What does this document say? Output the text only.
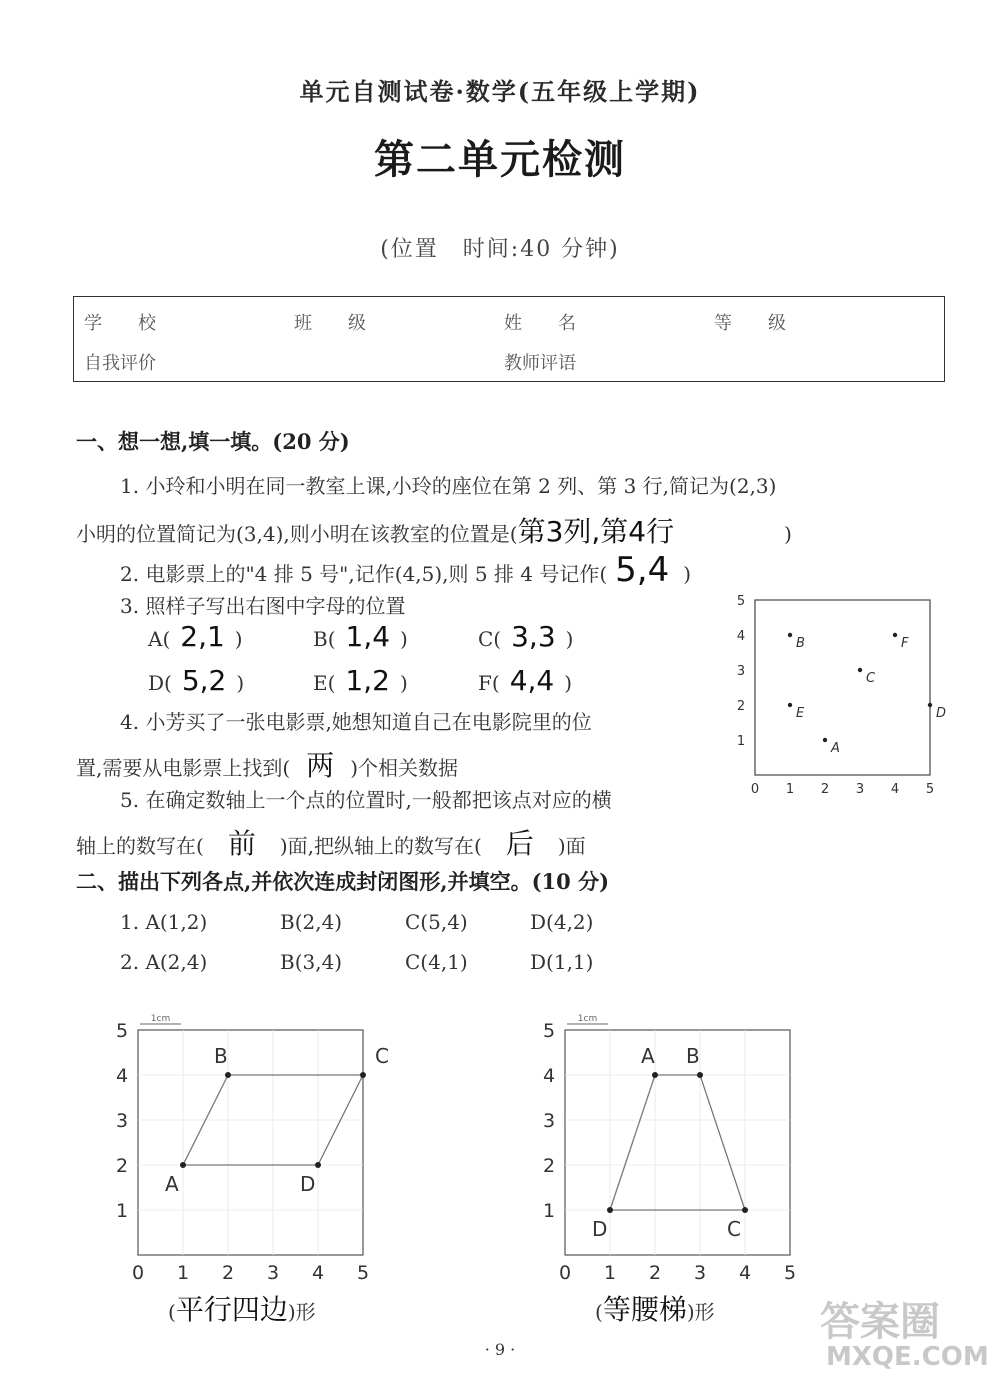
单元自测试卷·数学(五年级上学期)
第二单元检测
(位置　时间:40 分钟)
学　　校	班　　级	姓　　名	等　　级
自我评价	教师评语
一、想一想,填一填。(20 分)
1. 小玲和小明在同一教室上课,小玲的座位在第 2 列、第 3 行,简记为(2,3)
小明的位置简记为(3,4),则小明在该教室的位置是(第3列,第4行	)
2. 电影票上的"4 排 5 号",记作(4,5),则 5 排 4 号记作( 5,4 )
3. 照样子写出右图中字母的位置
A( 2,1 )	B( 1,4 )	C( 3,3 )
D( 5,2 )	E( 1,2 )	F( 4,4 )
4. 小芳买了一张电影票,她想知道自己在电影院里的位
置,需要从电影票上找到( 两 )个相关数据
5. 在确定数轴上一个点的位置时,一般都把该点对应的横
轴上的数写在( 前 )面,把纵轴上的数写在( 后 )面
1
2
3
4
5
0 1 2 3 4 5
A
B
C
D
E
F
二、描出下列各点,并依次连成封闭图形,并填空。(10 分)
1. A(1,2)	B(2,4)	C(5,4)	D(4,2)
2. A(2,4)	B(3,4)	C(4,1)	D(1,1)
1
2
3
4
5
0 1 2 3 4 5
1cm
A
B	C
D
1
2
3
4
5
0 1 2 3 4 5
1cm
A B
C
D
(平行四边)形	(等腰梯)形
· 9 ·
答案圈
MXQE.COM
